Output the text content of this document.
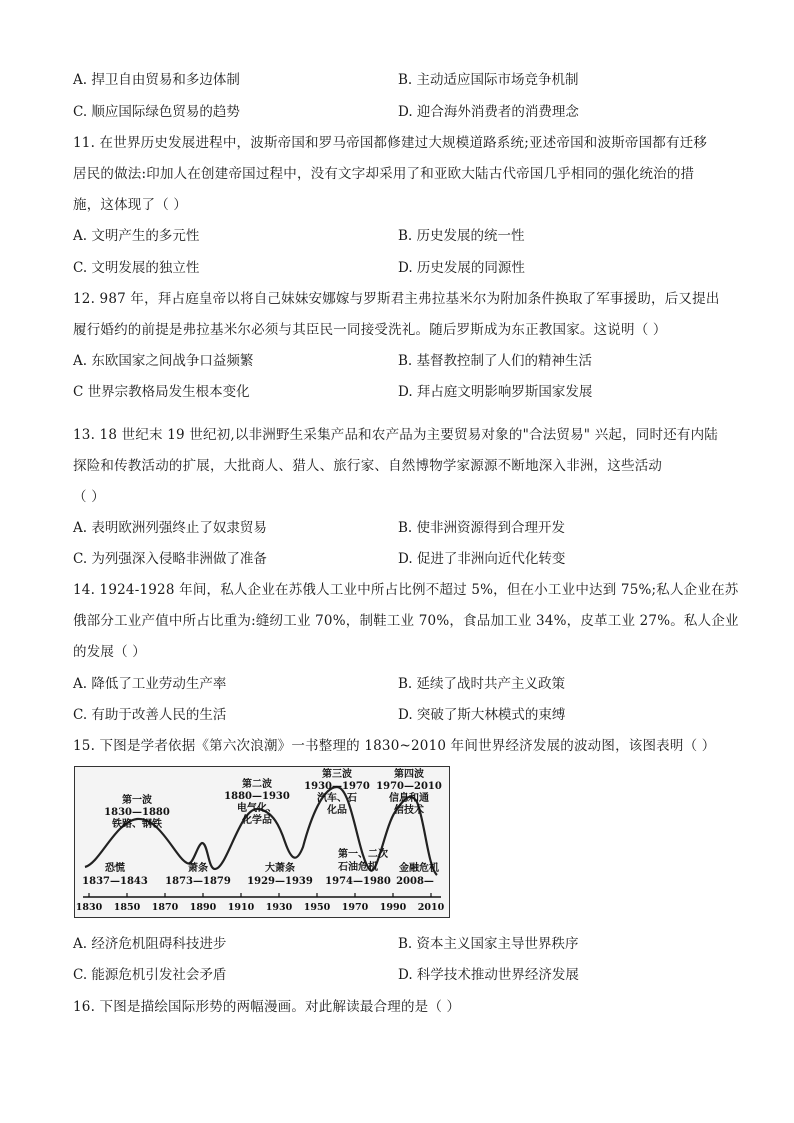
A. 捍卫自由贸易和多边体制	B. 主动适应国际市场竞争机制
C. 顺应国际绿色贸易的趋势	D. 迎合海外消费者的消费理念
11. 在世界历史发展进程中，波斯帝国和罗马帝国都修建过大规模道路系统;亚述帝国和波斯帝国都有迁移
居民的做法:印加人在创建帝国过程中，没有文字却采用了和亚欧大陆古代帝国几乎相同的强化统治的措
施，这体现了（ ）
A. 文明产生的多元性	B. 历史发展的统一性
C. 文明发展的独立性	D. 历史发展的同源性
12. 987 年，拜占庭皇帝以将自己妹妹安娜嫁与罗斯君主弗拉基米尔为附加条件换取了军事援助，后又提出
履行婚约的前提是弗拉基米尔必须与其臣民一同接受洗礼。随后罗斯成为东正教国家。这说明（ ）
A. 东欧国家之间战争口益频繁	B. 基督教控制了人们的精神生活
C 世界宗教格局发生根本变化	D. 拜占庭文明影响罗斯国家发展
13. 18 世纪末 19 世纪初,以非洲野生采集产品和农产品为主要贸易对象的"合法贸易" 兴起，同时还有内陆
探险和传教活动的扩展，大批商人、猎人、旅行家、自然博物学家源源不断地深入非洲，这些活动
（ ）
A. 表明欧洲列强终止了奴隶贸易	B. 使非洲资源得到合理开发
C. 为列强深入侵略非洲做了准备	D. 促进了非洲向近代化转变
14. 1924-1928 年间，私人企业在苏俄人工业中所占比例不超过 5%，但在小工业中达到 75%;私人企业在苏
俄部分工业产值中所占比重为:缝纫工业 70%，制鞋工业 70%，食品加工业 34%，皮革工业 27%。私人企业
的发展（ ）
A. 降低了工业劳动生产率	B. 延续了战时共产主义政策
C. 有助于改善人民的生活	D. 突破了斯大林模式的束缚
15. 下图是学者依据《第六次浪潮》一书整理的 1830~2010 年间世界经济发展的波动图，该图表明（ ）
1830 1850 1870 1890 1910 1930 1950 1970 1990 2010
第一波
1830—1880
铁路、钢铁
第二波
1880—1930
电气化、
化学品
第三波
1930—1970
汽车、石
化品
第四波
1970—2010
信息和通
信技术
恐慌
1837—1843
萧条
1873—1879
大萧条
1929—1939
第一、二次
石油危机
1974—1980
金融危机
2008—
A. 经济危机阻碍科技进步	B. 资本主义国家主导世界秩序
C. 能源危机引发社会矛盾	D. 科学技术推动世界经济发展
16. 下图是描绘国际形势的两幅漫画。对此解读最合理的是（ ）
